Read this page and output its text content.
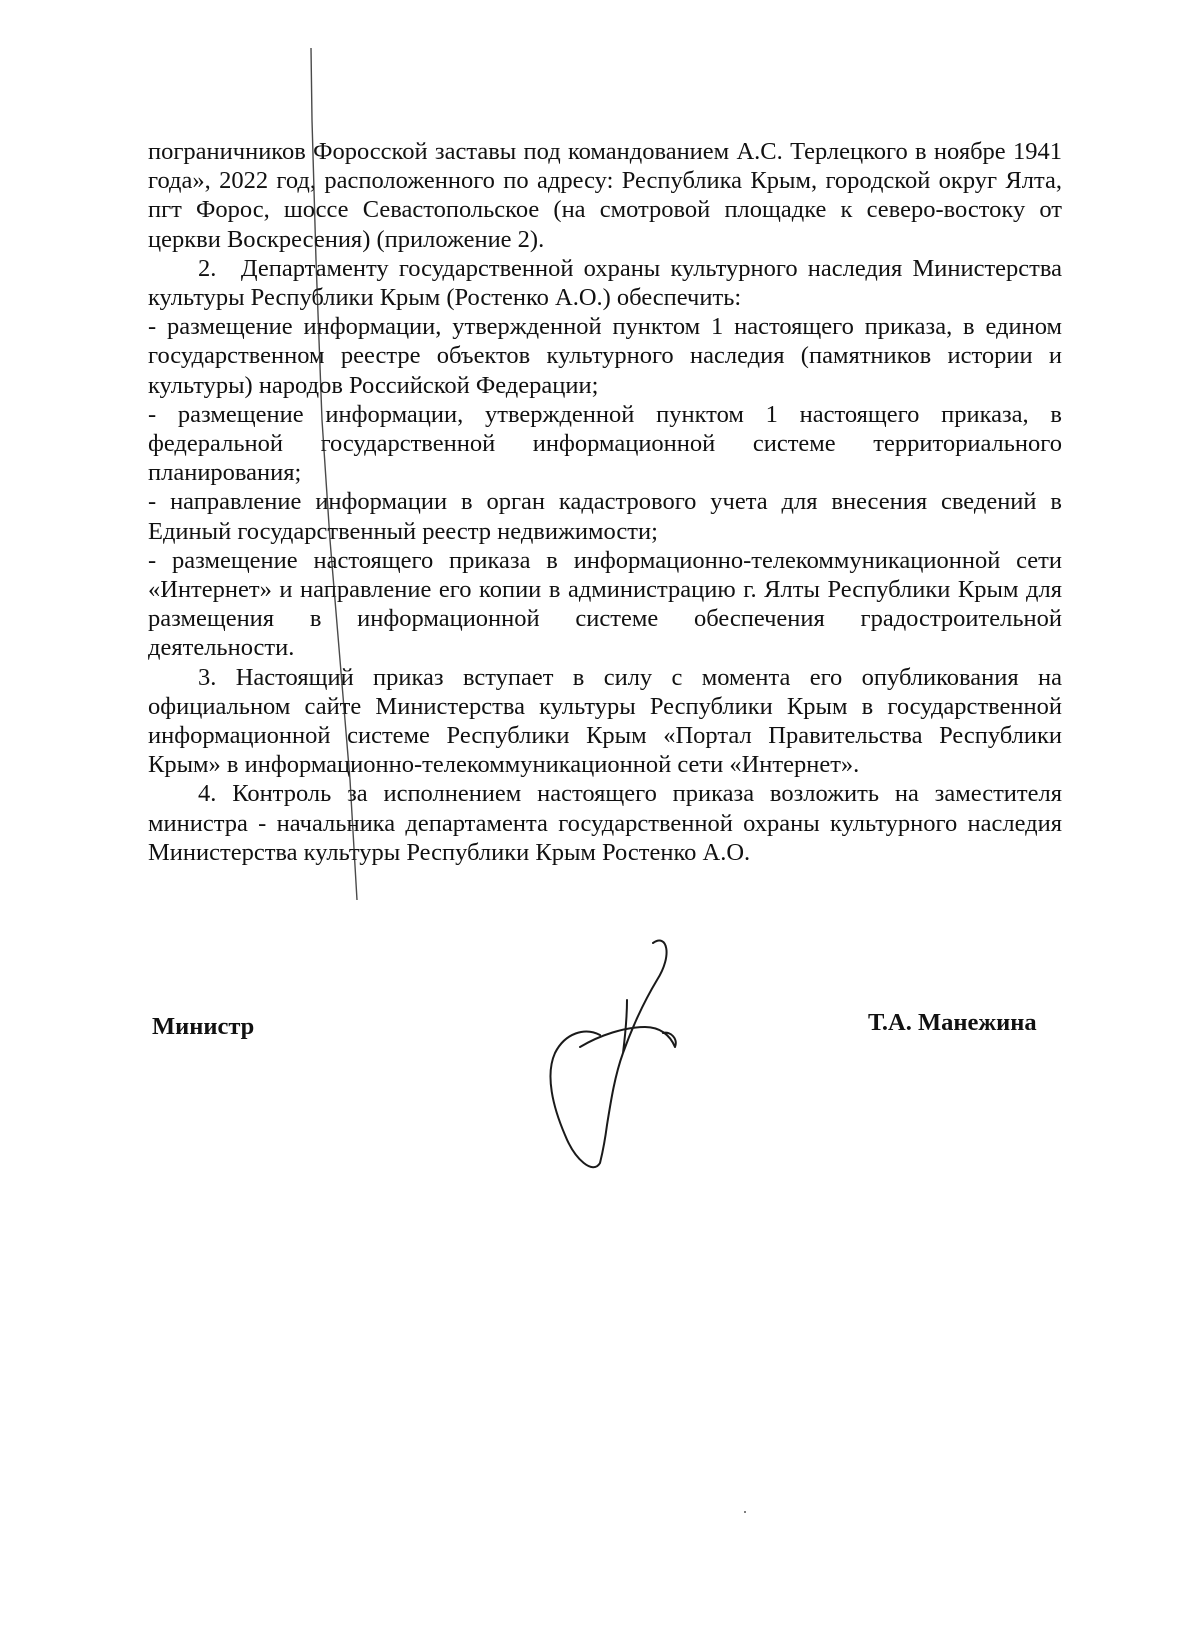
пограничников Форосской заставы под командованием А.С. Терлецкого в ноябре 1941 года», 2022 год, расположенного по адресу: Республика Крым, городской округ Ялта, пгт Форос, шоссе Севастопольское (на смотровой площадке к северо-востоку от церкви Воскресения) (приложение 2).

2. Департаменту государственной охраны культурного наследия Министерства культуры Республики Крым (Ростенко А.О.) обеспечить:

- размещение информации, утвержденной пунктом 1 настоящего приказа, в едином государственном реестре объектов культурного наследия (памятников истории и культуры) народов Российской Федерации;

- размещение информации, утвержденной пунктом 1 настоящего приказа, в федеральной государственной информационной системе территориального планирования;

- направление информации в орган кадастрового учета для внесения сведений в Единый государственный реестр недвижимости;

- размещение настоящего приказа в информационно-телекоммуникационной сети «Интернет» и направление его копии в администрацию г. Ялты Республики Крым для размещения в информационной системе обеспечения градостроительной деятельности.

3. Настоящий приказ вступает в силу с момента его опубликования на официальном сайте Министерства культуры Республики Крым в государственной информационной системе Республики Крым «Портал Правительства Республики Крым» в информационно-телекоммуникационной сети «Интернет».

4. Контроль за исполнением настоящего приказа возложить на заместителя министра - начальника департамента государственной охраны культурного наследия Министерства культуры Республики Крым Ростенко А.О.

Министр	Т.А. Манежина
